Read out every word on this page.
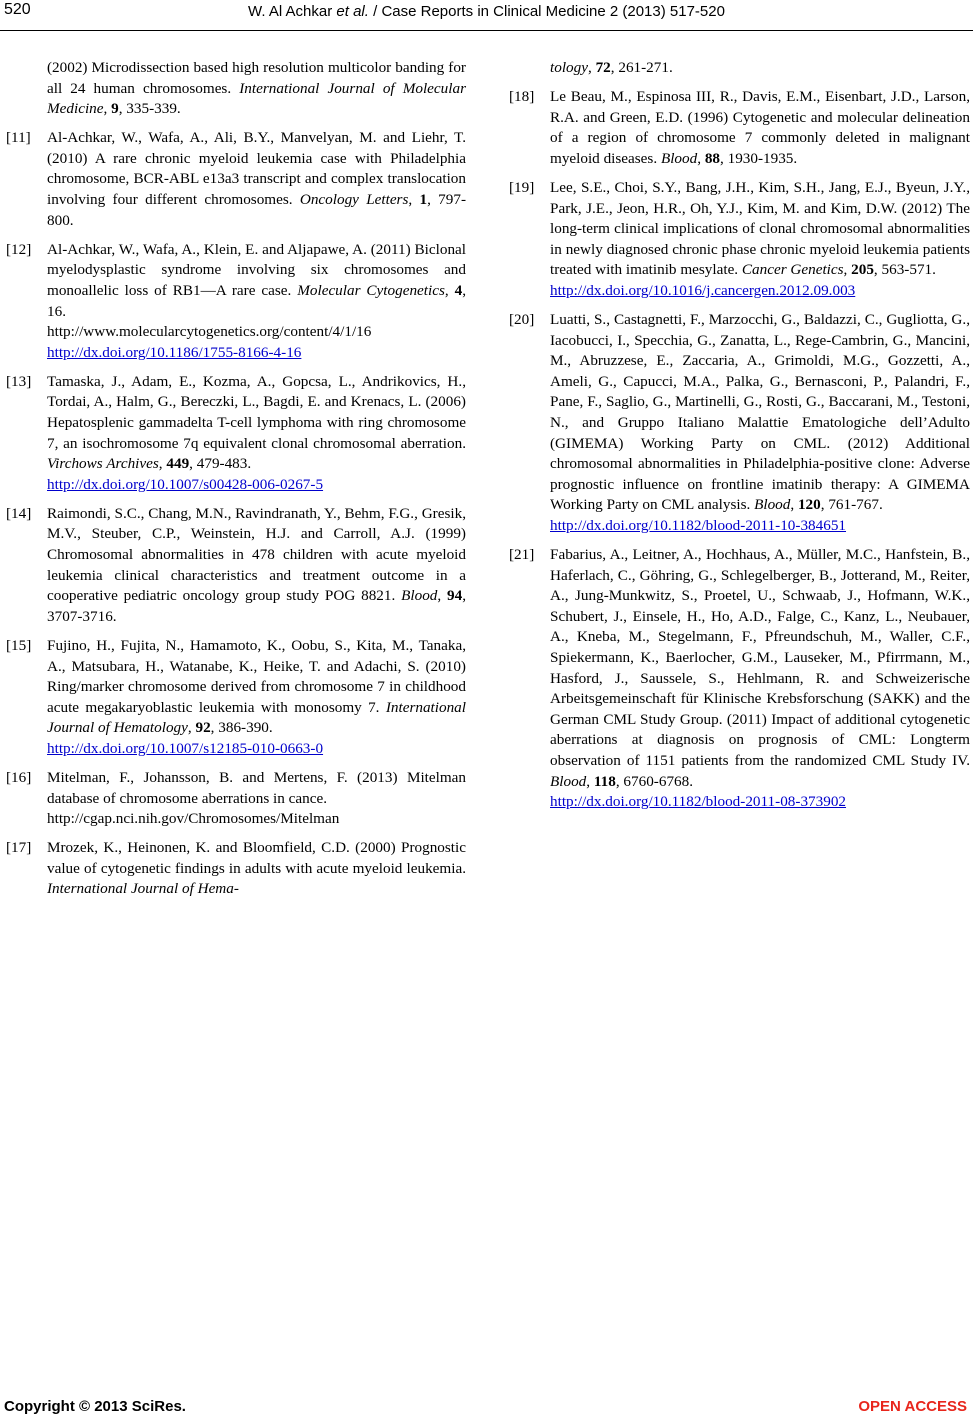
520	W. Al Achkar et al. / Case Reports in Clinical Medicine 2 (2013) 517-520
(2002) Microdissection based high resolution multicolor banding for all 24 human chromosomes. International Journal of Molecular Medicine, 9, 335-339.
[11] Al-Achkar, W., Wafa, A., Ali, B.Y., Manvelyan, M. and Liehr, T. (2010) A rare chronic myeloid leukemia case with Philadelphia chromosome, BCR-ABL e13a3 transcript and complex translocation involving four different chromosomes. Oncology Letters, 1, 797-800.
[12] Al-Achkar, W., Wafa, A., Klein, E. and Aljapawe, A. (2011) Biclonal myelodysplastic syndrome involving six chromosomes and monoallelic loss of RB1—A rare case. Molecular Cytogenetics, 4, 16.
http://www.molecularcytogenetics.org/content/4/1/16
http://dx.doi.org/10.1186/1755-8166-4-16
[13] Tamaska, J., Adam, E., Kozma, A., Gopcsa, L., Andrikovics, H., Tordai, A., Halm, G., Bereczki, L., Bagdi, E. and Krenacs, L. (2006) Hepatosplenic gammadelta T-cell lymphoma with ring chromosome 7, an isochromosome 7q equivalent clonal chromosomal aberration. Virchows Archives, 449, 479-483.
http://dx.doi.org/10.1007/s00428-006-0267-5
[14] Raimondi, S.C., Chang, M.N., Ravindranath, Y., Behm, F.G., Gresik, M.V., Steuber, C.P., Weinstein, H.J. and Carroll, A.J. (1999) Chromosomal abnormalities in 478 children with acute myeloid leukemia clinical characteristics and treatment outcome in a cooperative pediatric oncology group study POG 8821. Blood, 94, 3707-3716.
[15] Fujino, H., Fujita, N., Hamamoto, K., Oobu, S., Kita, M., Tanaka, A., Matsubara, H., Watanabe, K., Heike, T. and Adachi, S. (2010) Ring/marker chromosome derived from chromosome 7 in childhood acute megakaryoblastic leukemia with monosomy 7. International Journal of Hematology, 92, 386-390.
http://dx.doi.org/10.1007/s12185-010-0663-0
[16] Mitelman, F., Johansson, B. and Mertens, F. (2013) Mitelman database of chromosome aberrations in cance.
http://cgap.nci.nih.gov/Chromosomes/Mitelman
[17] Mrozek, K., Heinonen, K. and Bloomfield, C.D. (2000) Prognostic value of cytogenetic findings in adults with acute myeloid leukemia. International Journal of Hema-
tology, 72, 261-271.
[18] Le Beau, M., Espinosa III, R., Davis, E.M., Eisenbart, J.D., Larson, R.A. and Green, E.D. (1996) Cytogenetic and molecular delineation of a region of chromosome 7 commonly deleted in malignant myeloid diseases. Blood, 88, 1930-1935.
[19] Lee, S.E., Choi, S.Y., Bang, J.H., Kim, S.H., Jang, E.J., Byeun, J.Y., Park, J.E., Jeon, H.R., Oh, Y.J., Kim, M. and Kim, D.W. (2012) The long-term clinical implications of clonal chromosomal abnormalities in newly diagnosed chronic phase chronic myeloid leukemia patients treated with imatinib mesylate. Cancer Genetics, 205, 563-571.
http://dx.doi.org/10.1016/j.cancergen.2012.09.003
[20] Luatti, S., Castagnetti, F., Marzocchi, G., Baldazzi, C., Gugliotta, G., Iacobucci, I., Specchia, G., Zanatta, L., Rege-Cambrin, G., Mancini, M., Abruzzese, E., Zaccaria, A., Grimoldi, M.G., Gozzetti, A., Ameli, G., Capucci, M.A., Palka, G., Bernasconi, P., Palandri, F., Pane, F., Saglio, G., Martinelli, G., Rosti, G., Baccarani, M., Testoni, N., and Gruppo Italiano Malattie Ematologiche dell’Adulto (GIMEMA) Working Party on CML. (2012) Additional chromosomal abnormalities in Philadelphia-positive clone: Adverse prognostic influence on frontline imatinib therapy: A GIMEMA Working Party on CML analysis. Blood, 120, 761-767.
http://dx.doi.org/10.1182/blood-2011-10-384651
[21] Fabarius, A., Leitner, A., Hochhaus, A., Müller, M.C., Hanfstein, B., Haferlach, C., Göhring, G., Schlegelberger, B., Jotterand, M., Reiter, A., Jung-Munkwitz, S., Proetel, U., Schwaab, J., Hofmann, W.K., Schubert, J., Einsele, H., Ho, A.D., Falge, C., Kanz, L., Neubauer, A., Kneba, M., Stegelmann, F., Pfreundschuh, M., Waller, C.F., Spiekermann, K., Baerlocher, G.M., Lauseker, M., Pfirrmann, M., Hasford, J., Saussele, S., Hehlmann, R. and Schweizerische Arbeitsgemeinschaft für Klinische Krebsforschung (SAKK) and the German CML Study Group. (2011) Impact of additional cytogenetic aberrations at diagnosis on prognosis of CML: Longterm observation of 1151 patients from the randomized CML Study IV. Blood, 118, 6760-6768.
http://dx.doi.org/10.1182/blood-2011-08-373902
Copyright © 2013 SciRes.	OPEN ACCESS
